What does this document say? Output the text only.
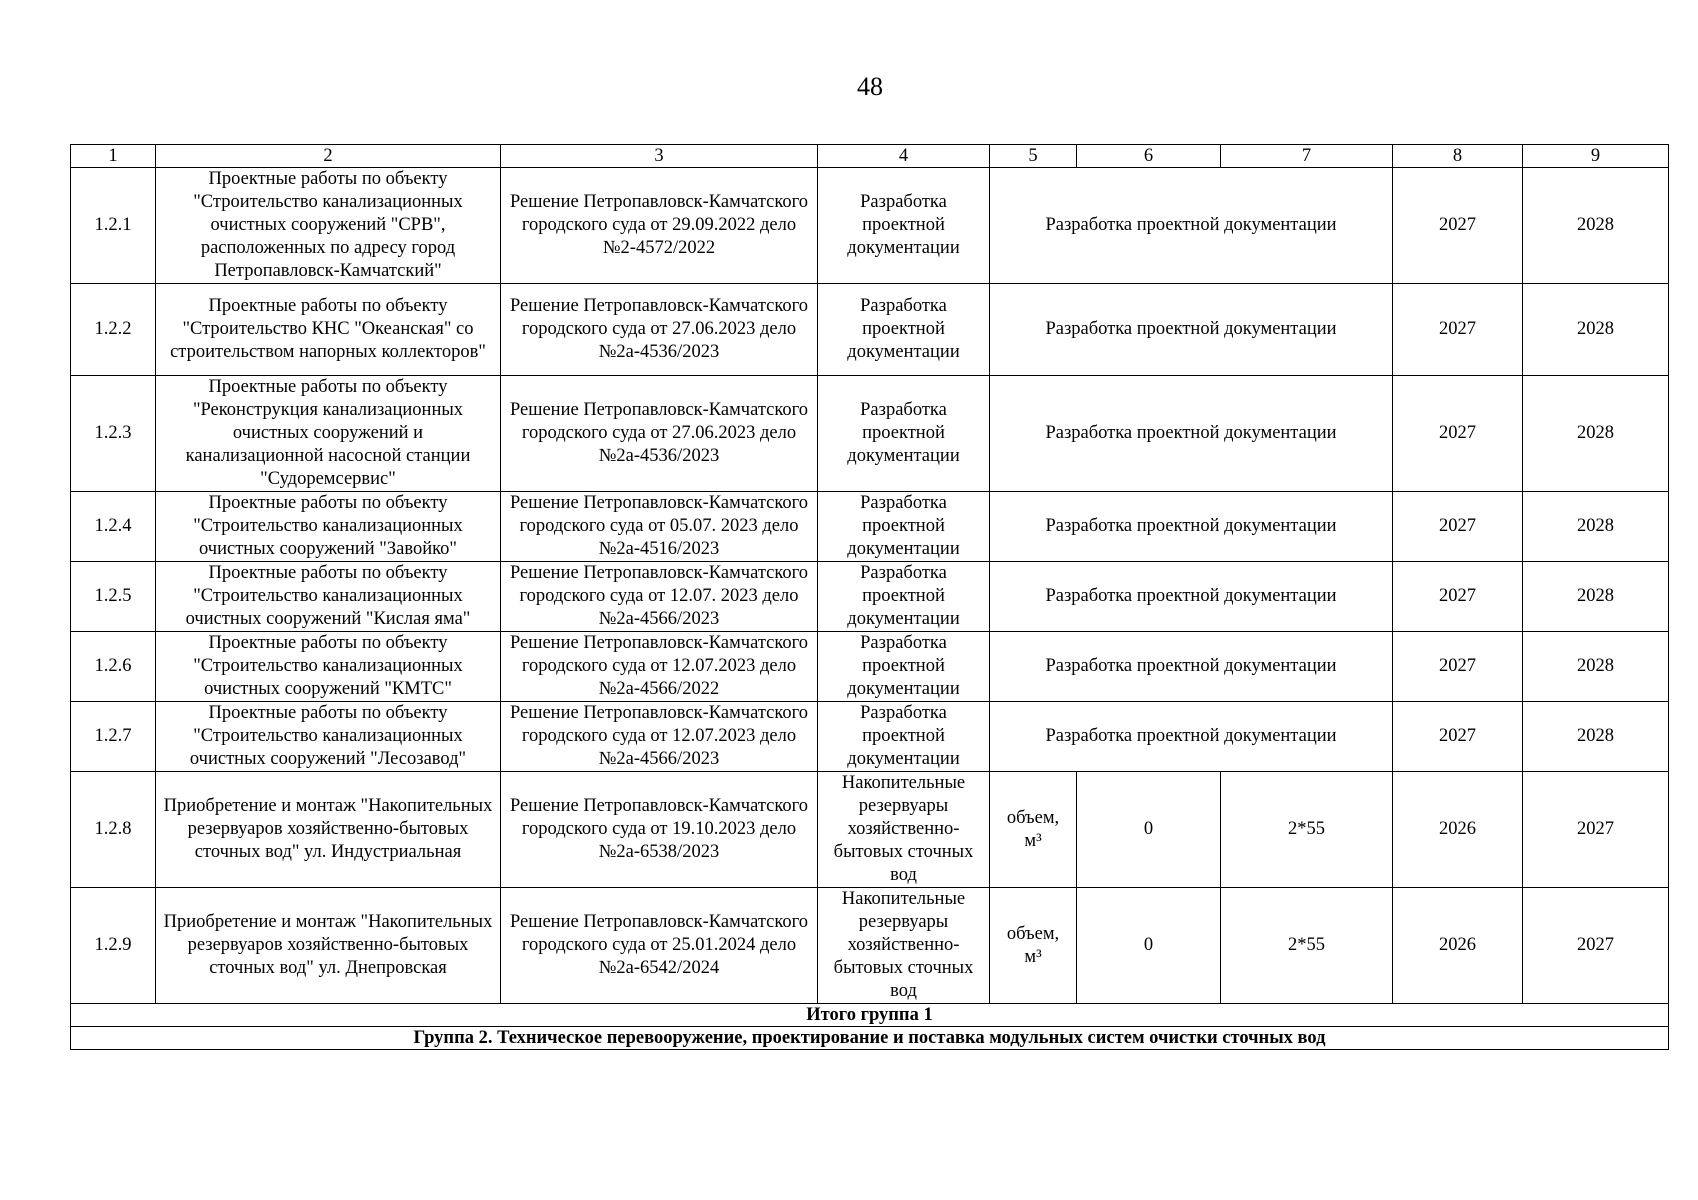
48
1	2	3	4	5	6	7	8	9
1.2.1	Проектные работы по объекту "Строительство канализационных очистных сооружений "СРВ", расположенных по адресу город Петропавловск-Камчатский"	Решение Петропавловск-Камчатского городского суда от 29.09.2022 дело №2-4572/2022	Разработка проектной документации	Разработка проектной документации			2027	2028
1.2.2	Проектные работы по объекту "Строительство КНС "Океанская" со строительством напорных коллекторов"	Решение Петропавловск-Камчатского городского суда от 27.06.2023 дело №2а-4536/2023	Разработка проектной документации	Разработка проектной документации			2027	2028
1.2.3	Проектные работы по объекту "Реконструкция канализационных очистных сооружений и канализационной насосной станции "Судоремсервис"	Решение Петропавловск-Камчатского городского суда от 27.06.2023 дело №2а-4536/2023	Разработка проектной документации	Разработка проектной документации			2027	2028
1.2.4	Проектные работы по объекту "Строительство канализационных очистных сооружений "Завойко"	Решение Петропавловск-Камчатского городского суда от 05.07. 2023 дело №2а-4516/2023	Разработка проектной документации	Разработка проектной документации			2027	2028
1.2.5	Проектные работы по объекту "Строительство канализационных очистных сооружений "Кислая яма"	Решение Петропавловск-Камчатского городского суда от 12.07. 2023 дело №2а-4566/2023	Разработка проектной документации	Разработка проектной документации			2027	2028
1.2.6	Проектные работы по объекту "Строительство канализационных очистных сооружений "КМТС"	Решение Петропавловск-Камчатского городского суда от 12.07.2023 дело №2а-4566/2022	Разработка проектной документации	Разработка проектной документации			2027	2028
1.2.7	Проектные работы по объекту "Строительство канализационных очистных сооружений "Лесозавод"	Решение Петропавловск-Камчатского городского суда от 12.07.2023 дело №2а-4566/2023	Разработка проектной документации	Разработка проектной документации			2027	2028
1.2.8	Приобретение и монтаж "Накопительных резервуаров хозяйственно-бытовых сточных вод" ул. Индустриальная	Решение Петропавловск-Камчатского городского суда от 19.10.2023 дело №2а-6538/2023	Накопительные резервуары хозяйственно-бытовых сточных вод	объем, м³	0	2*55	2026	2027
1.2.9	Приобретение и монтаж "Накопительных резервуаров хозяйственно-бытовых сточных вод" ул. Днепровская	Решение Петропавловск-Камчатского городского суда от 25.01.2024 дело №2а-6542/2024	Накопительные резервуары хозяйственно-бытовых сточных вод	объем, м³	0	2*55	2026	2027
Итого группа 1								
Группа 2. Техническое перевооружение, проектирование и поставка модульных систем очистки сточных вод								
